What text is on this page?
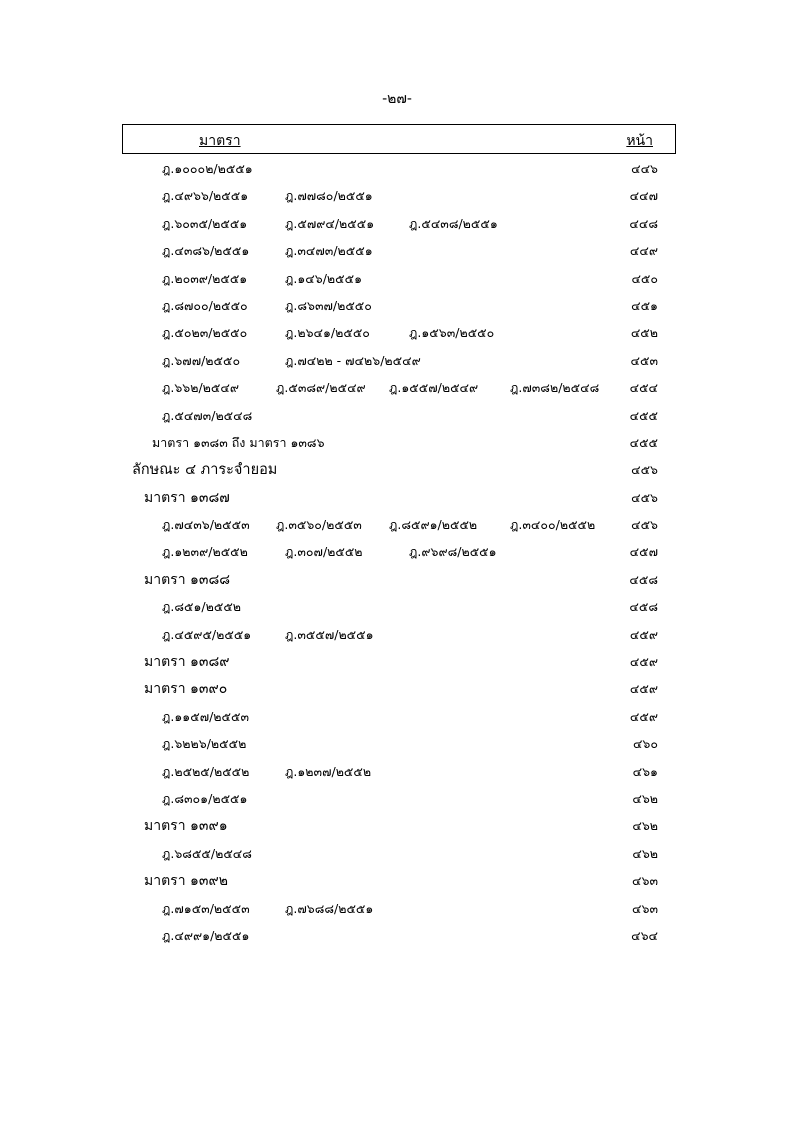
-๒๗-
มาตรา	หน้า
ฎ.๑๐๐๐๒/๒๕๕๑	๔๔๖
ฎ.๔๙๖๖/๒๕๕๑	ฎ.๗๗๘๐/๒๕๕๑	๔๔๗
ฎ.๖๐๓๕/๒๕๕๑	ฎ.๕๗๙๔/๒๕๕๑	ฎ.๕๔๓๘/๒๕๕๑	๔๔๘
ฎ.๔๓๘๖/๒๕๕๑	ฎ.๓๔๗๓/๒๕๕๑	๔๔๙
ฎ.๒๐๓๙/๒๕๕๑	ฎ.๑๔๖/๒๕๕๑	๔๕๐
ฎ.๘๗๐๐/๒๕๕๐	ฎ.๘๖๓๗/๒๕๕๐	๔๕๑
ฎ.๕๐๒๓/๒๕๕๐	ฎ.๒๖๔๑/๒๕๕๐	ฎ.๑๕๖๓/๒๕๕๐	๔๕๒
ฎ.๖๗๗/๒๕๕๐	ฎ.๗๔๒๒ - ๗๔๒๖/๒๕๔๙	๔๕๓
ฎ.๖๖๒/๒๕๔๙	ฎ.๕๓๘๙/๒๕๔๙ ฎ.๑๕๕๗/๒๕๔๙	ฎ.๗๓๘๒/๒๕๔๘ ๔๕๔
ฎ.๕๔๗๓/๒๕๔๘	๔๕๕
มาตรา ๑๓๘๓ ถึง มาตรา ๑๓๘๖	๔๕๕
ลักษณะ ๔ ภาระจำยอม	๔๕๖
มาตรา ๑๓๘๗	๔๕๖
ฎ.๗๔๓๖/๒๕๕๓ ฎ.๓๕๖๐/๒๕๕๓ ฎ.๘๕๙๑/๒๕๕๒	ฎ.๓๔๐๐/๒๕๕๒	๔๕๖
ฎ.๑๒๓๙/๒๕๕๒	ฎ.๓๐๗/๒๕๕๒	ฎ.๙๖๙๘/๒๕๕๑	๔๕๗
มาตรา ๑๓๘๘	๔๕๘
ฎ.๘๕๑/๒๕๕๒	๔๕๘
ฎ.๔๕๙๕/๒๕๕๑	ฎ.๓๕๕๗/๒๕๕๑	๔๕๙
มาตรา ๑๓๘๙	๔๕๙
มาตรา ๑๓๙๐	๔๕๙
ฎ.๑๑๕๗/๒๕๕๓	๔๕๙
ฎ.๖๒๒๖/๒๕๕๒	๔๖๐
ฎ.๒๕๒๕/๒๕๕๒	ฎ.๑๒๓๗/๒๕๕๒	๔๖๑
ฎ.๘๓๐๑/๒๕๕๑	๔๖๒
มาตรา ๑๓๙๑	๔๖๒
ฎ.๖๘๕๕/๒๕๔๘	๔๖๒
มาตรา ๑๓๙๒	๔๖๓
ฎ.๗๑๕๓/๒๕๕๓	ฎ.๗๖๘๘/๒๕๕๑	๔๖๓
ฎ.๔๙๙๑/๒๕๕๑	๔๖๔
